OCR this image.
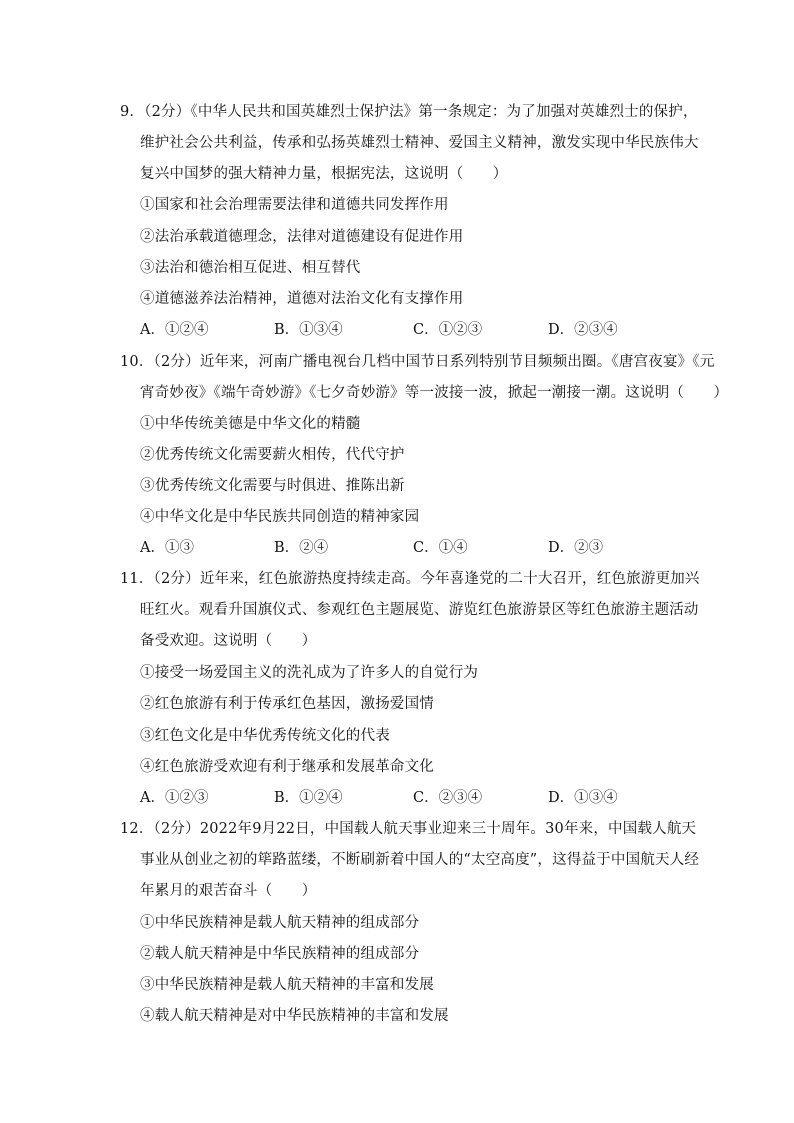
9．（2分）《中华人民共和国英雄烈士保护法》第一条规定：为了加强对英雄烈士的保护，
维护社会公共利益，传承和弘扬英雄烈士精神、爱国主义精神，激发实现中华民族伟大
复兴中国梦的强大精神力量，根据宪法，这说明（　　）
①国家和社会治理需要法律和道德共同发挥作用
②法治承载道德理念，法律对道德建设有促进作用
③法治和德治相互促进、相互替代
④道德滋养法治精神，道德对法治文化有支撑作用
A．①②④	B．①③④	C．①②③	D．②③④
10．（2分）近年来，河南广播电视台几档中国节日系列特别节目频频出圈。《唐宫夜宴》《元
宵奇妙夜》《端午奇妙游》《七夕奇妙游》等一波接一波，掀起一潮接一潮。这说明（　　）
①中华传统美德是中华文化的精髓
②优秀传统文化需要薪火相传，代代守护
③优秀传统文化需要与时俱进、推陈出新
④中华文化是中华民族共同创造的精神家园
A．①③	B．②④	C．①④	D．②③
11．（2分）近年来，红色旅游热度持续走高。今年喜逢党的二十大召开，红色旅游更加兴
旺红火。观看升国旗仪式、参观红色主题展览、游览红色旅游景区等红色旅游主题活动
备受欢迎。这说明（　　）
①接受一场爱国主义的洗礼成为了许多人的自觉行为
②红色旅游有利于传承红色基因，激扬爱国情
③红色文化是中华优秀传统文化的代表
④红色旅游受欢迎有利于继承和发展革命文化
A．①②③	B．①②④	C．②③④	D．①③④
12．（2分）2022年9月22日，中国载人航天事业迎来三十周年。30年来，中国载人航天
事业从创业之初的筚路蓝缕，不断刷新着中国人的“太空高度”，这得益于中国航天人经
年累月的艰苦奋斗（　　）
①中华民族精神是载人航天精神的组成部分
②载人航天精神是中华民族精神的组成部分
③中华民族精神是载人航天精神的丰富和发展
④载人航天精神是对中华民族精神的丰富和发展
